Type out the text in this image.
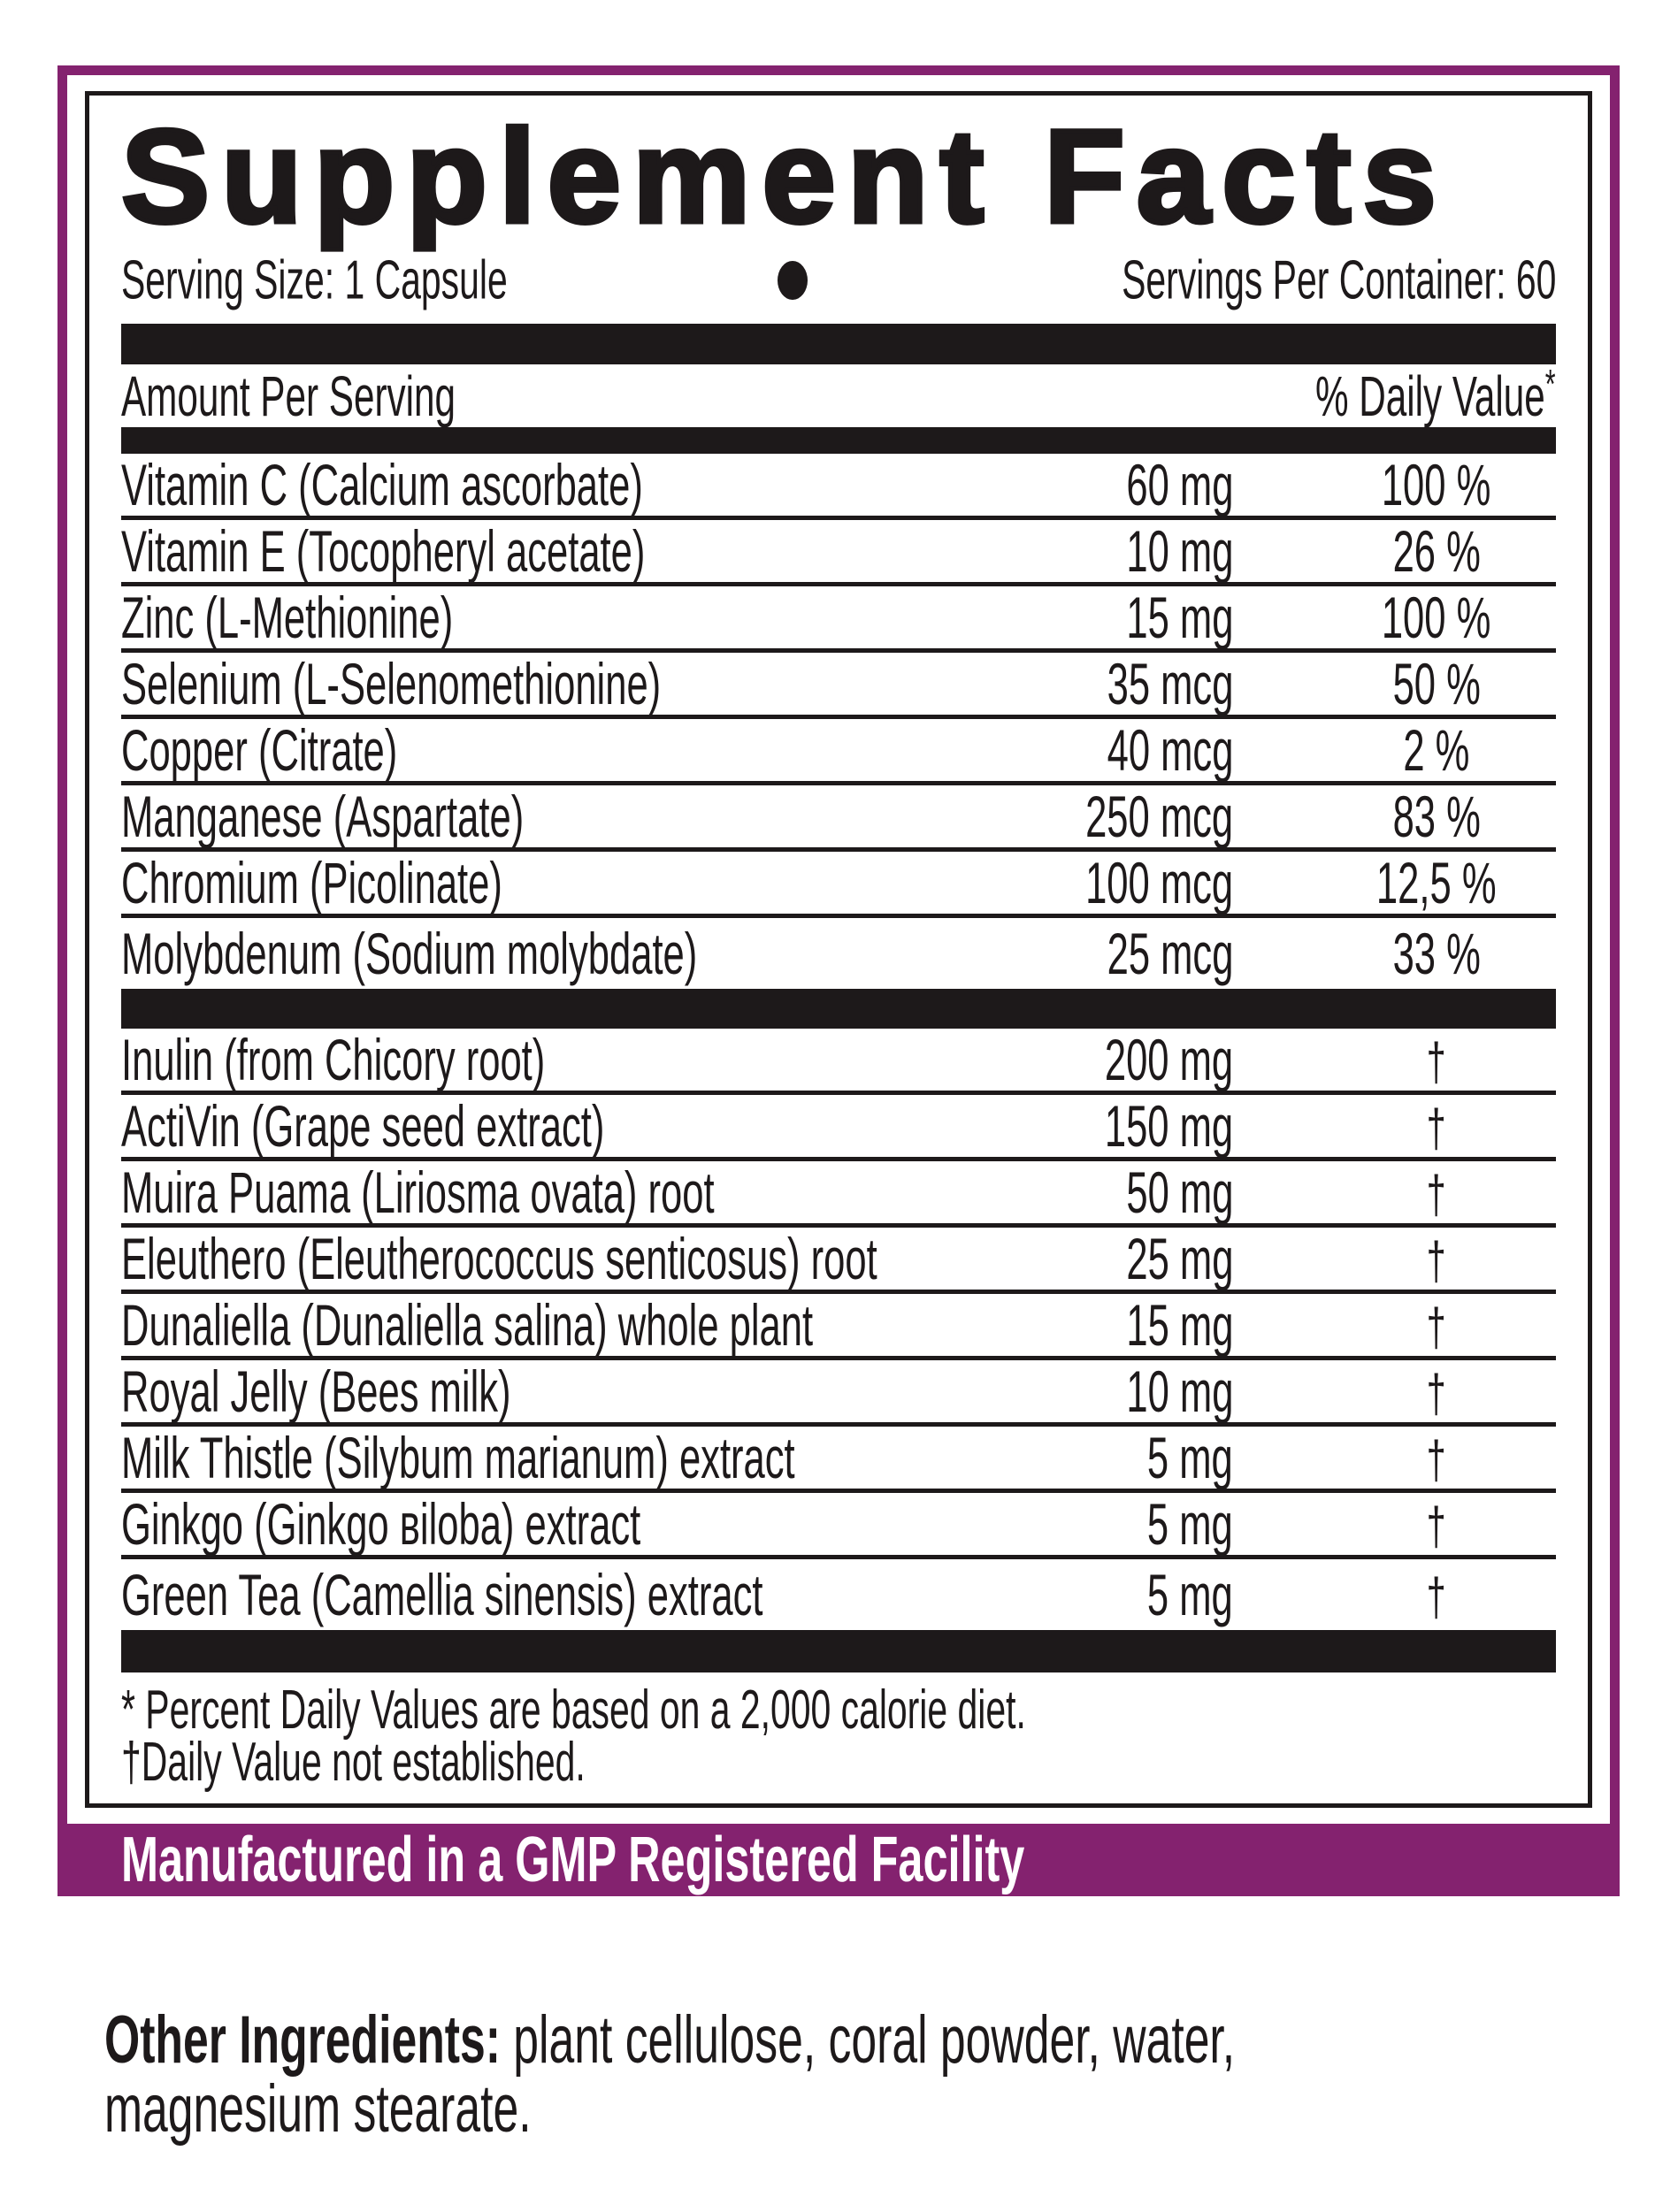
Supplement Facts
Serving Size: 1 Capsule	Servings Per Container: 60
Amount Per Serving	% Daily Value*
Vitamin C (Calcium ascorbate)	60 mg	100 %
Vitamin E (Tocopheryl acetate)	10 mg	26 %
Zinc (L-Methionine)	15 mg	100 %
Selenium (L-Selenomethionine)	35 mcg	50 %
Copper (Citrate)	40 mcg	2 %
Manganese (Aspartate)	250 mcg	83 %
Chromium (Picolinate)	100 mcg	12,5 %
Molybdenum (Sodium molybdate)	25 mcg	33 %
Inulin (from Chicory root)	200 mg	†
ActiVin (Grape seed extract)	150 mg	†
Muira Puama (Liriosma ovata) root	50 mg	†
Eleuthero (Eleutherococcus senticosus) root	25 mg	†
Dunaliella (Dunaliella salina) whole plant	15 mg	†
Royal Jelly (Bees milk)	10 mg	†
Milk Thistle (Silybum marianum) extract	5 mg	†
Ginkgo (Ginkgo вiloba) extract	5 mg	†
Green Tea (Camellia sinensis) extract	5 mg	†
* Percent Daily Values are based on a 2,000 calorie diet.
†Daily Value not established.
Manufactured in a GMP Registered Facility
Other Ingredients: plant cellulose, coral powder, water,
magnesium stearate.
